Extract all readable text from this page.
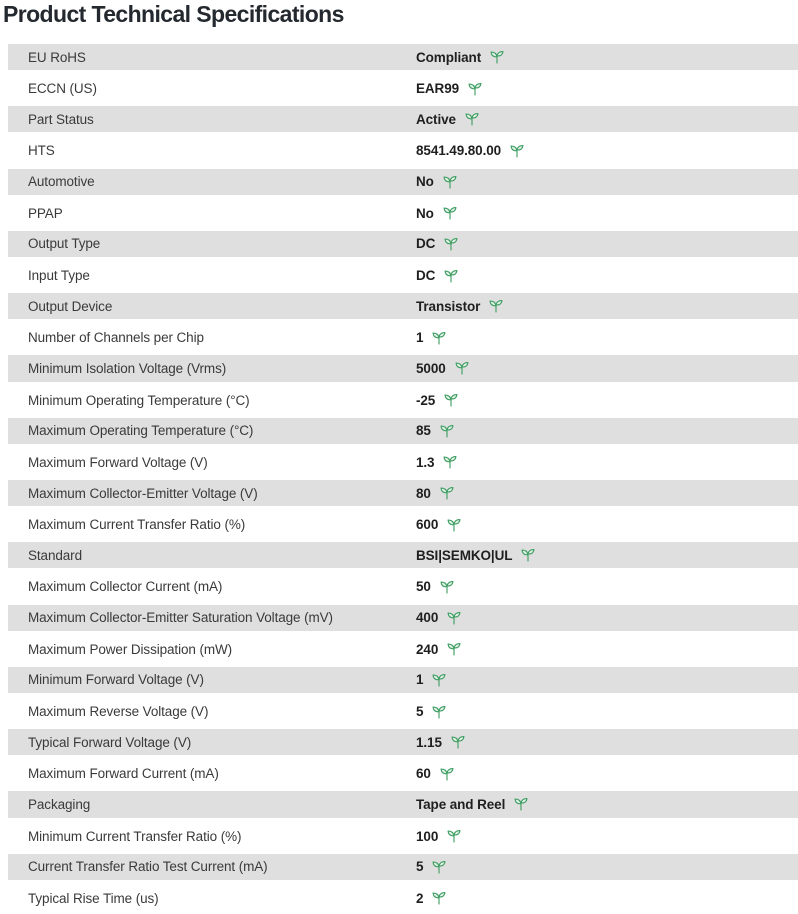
Product Technical Specifications
EU RoHS	Compliant
ECCN (US)	EAR99
Part Status	Active
HTS	8541.49.80.00
Automotive	No
PPAP	No
Output Type	DC
Input Type	DC
Output Device	Transistor
Number of Channels per Chip	1
Minimum Isolation Voltage (Vrms)	5000
Minimum Operating Temperature (°C)	-25
Maximum Operating Temperature (°C)	85
Maximum Forward Voltage (V)	1.3
Maximum Collector-Emitter Voltage (V)	80
Maximum Current Transfer Ratio (%)	600
Standard	BSI|SEMKO|UL
Maximum Collector Current (mA)	50
Maximum Collector-Emitter Saturation Voltage (mV)	400
Maximum Power Dissipation (mW)	240
Minimum Forward Voltage (V)	1
Maximum Reverse Voltage (V)	5
Typical Forward Voltage (V)	1.15
Maximum Forward Current (mA)	60
Packaging	Tape and Reel
Minimum Current Transfer Ratio (%)	100
Current Transfer Ratio Test Current (mA)	5
Typical Rise Time (us)	2
